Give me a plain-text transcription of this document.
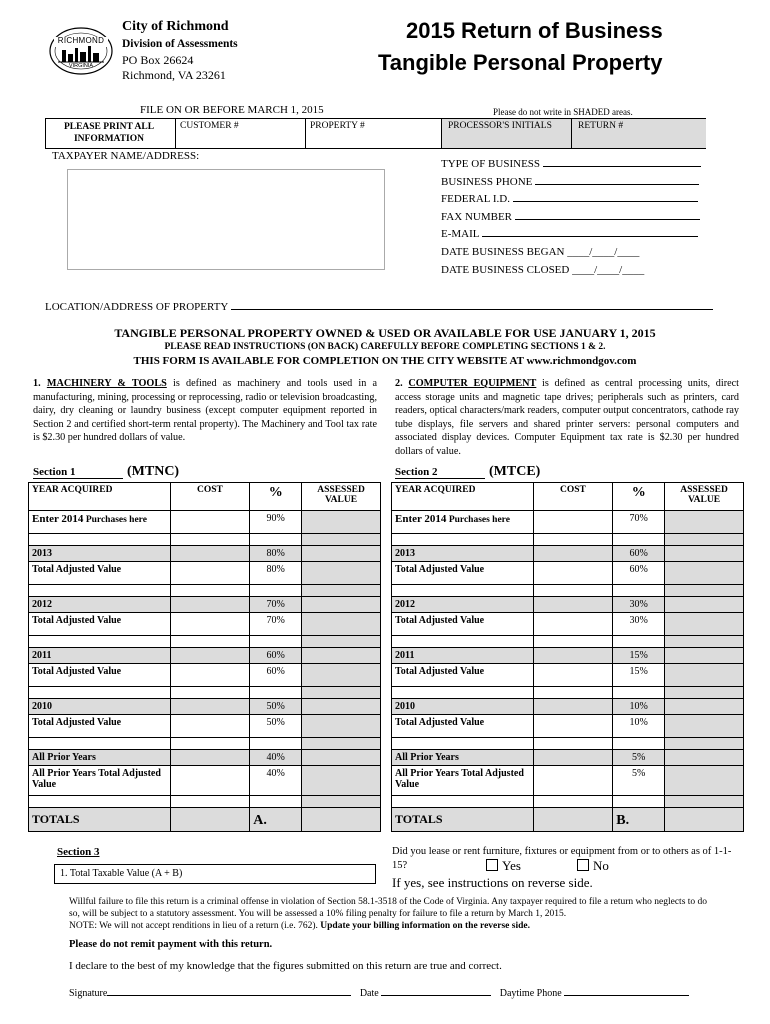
RICHMOND
VIRGINIA
City of Richmond
Division of Assessments
PO Box 26624
Richmond, VA 23261
2015 Return of Business
Tangible Personal Property
FILE ON OR BEFORE MARCH 1, 2015	Please do not write in SHADED areas.
PLEASE PRINT ALL INFORMATION
CUSTOMER #	PROPERTY #	PROCESSOR'S INITIALS	RETURN #
TAXPAYER NAME/ADDRESS:
TYPE OF BUSINESS
BUSINESS PHONE
FEDERAL I.D.
FAX NUMBER
E-MAIL
DATE BUSINESS BEGAN ____/____/____
DATE BUSINESS CLOSED ____/____/____
LOCATION/ADDRESS OF PROPERTY
TANGIBLE PERSONAL PROPERTY OWNED & USED OR AVAILABLE FOR USE JANUARY 1, 2015
PLEASE READ INSTRUCTIONS (ON BACK) CAREFULLY BEFORE COMPLETING SECTIONS 1 & 2.
THIS FORM IS AVAILABLE FOR COMPLETION ON THE CITY WEBSITE AT www.richmondgov.com
1. MACHINERY & TOOLS is defined as machinery and tools used in a manufacturing, mining, processing or reprocessing, radio or television broadcasting, dairy, dry cleaning or laundry business (except computer equipment reported in Section 2 and certified short-term rental property). The Machinery and Tool tax rate is $2.30 per hundred dollars of value.
2. COMPUTER EQUIPMENT is defined as central processing units, direct access storage units and magnetic tape drives; peripherals such as printers, card readers, optical characters/mark readers, computer output concentrators, cathode ray tube displays, file servers and shared printer servers: personal computers and associated display devices. Computer Equipment tax rate is $2.30 per hundred dollars of value.
Section 1	(MTNC)	Section 2	(MTCE)
YEAR ACQUIRED	COST	%	ASSESSED VALUE
Enter 2014 Purchases here		90%	

2013		80%	
Total Adjusted Value		80%	

2012		70%	
Total Adjusted Value		70%	

2011		60%	
Total Adjusted Value		60%	

2010		50%	
Total Adjusted Value		50%	

All Prior Years		40%	
All Prior Years Total Adjusted Value		40%	

TOTALS		A.	
YEAR ACQUIRED	COST	%	ASSESSED VALUE
Enter 2014 Purchases here		70%	

2013		60%	
Total Adjusted Value		60%	

2012		30%	
Total Adjusted Value		30%	

2011		15%	
Total Adjusted Value		15%	

2010		10%	
Total Adjusted Value		10%	

All Prior Years		5%	
All Prior Years Total Adjusted Value		5%	

TOTALS		B.	
Section 3
1. Total Taxable Value (A + B)
Did you lease or rent furniture, fixtures or equipment from or to others as of 1-1-15?	Yes	No
If yes, see instructions on reverse side.
Willful failure to file this return is a criminal offense in violation of Section 58.1-3518 of the Code of Virginia. Any taxpayer required to file a return who neglects to do so, will be subject to a statutory assessment. You will be assessed a 10% filing penalty for failure to file a return by March 1, 2015.
NOTE: We will not accept renditions in lieu of a return (i.e. 762). Update your billing information on the reverse side.
Please do not remit payment with this return.
I declare to the best of my knowledge that the figures submitted on this return are true and correct.
Signature	Date	Daytime Phone
